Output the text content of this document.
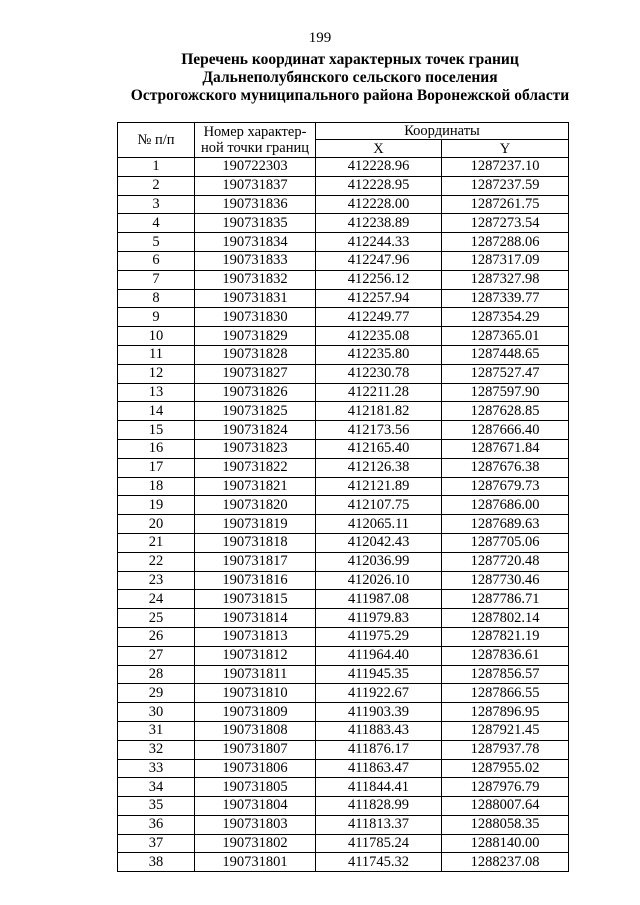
199
Перечень координат характерных точек границ
Дальнеполубянского сельского поселения
Острогожского муниципального района Воронежской области
№ п/п	Номер характер-
ной точки границ	Координаты	
		X	Y
1	190722303	412228.96	1287237.10
2	190731837	412228.95	1287237.59
3	190731836	412228.00	1287261.75
4	190731835	412238.89	1287273.54
5	190731834	412244.33	1287288.06
6	190731833	412247.96	1287317.09
7	190731832	412256.12	1287327.98
8	190731831	412257.94	1287339.77
9	190731830	412249.77	1287354.29
10	190731829	412235.08	1287365.01
11	190731828	412235.80	1287448.65
12	190731827	412230.78	1287527.47
13	190731826	412211.28	1287597.90
14	190731825	412181.82	1287628.85
15	190731824	412173.56	1287666.40
16	190731823	412165.40	1287671.84
17	190731822	412126.38	1287676.38
18	190731821	412121.89	1287679.73
19	190731820	412107.75	1287686.00
20	190731819	412065.11	1287689.63
21	190731818	412042.43	1287705.06
22	190731817	412036.99	1287720.48
23	190731816	412026.10	1287730.46
24	190731815	411987.08	1287786.71
25	190731814	411979.83	1287802.14
26	190731813	411975.29	1287821.19
27	190731812	411964.40	1287836.61
28	190731811	411945.35	1287856.57
29	190731810	411922.67	1287866.55
30	190731809	411903.39	1287896.95
31	190731808	411883.43	1287921.45
32	190731807	411876.17	1287937.78
33	190731806	411863.47	1287955.02
34	190731805	411844.41	1287976.79
35	190731804	411828.99	1288007.64
36	190731803	411813.37	1288058.35
37	190731802	411785.24	1288140.00
38	190731801	411745.32	1288237.08
